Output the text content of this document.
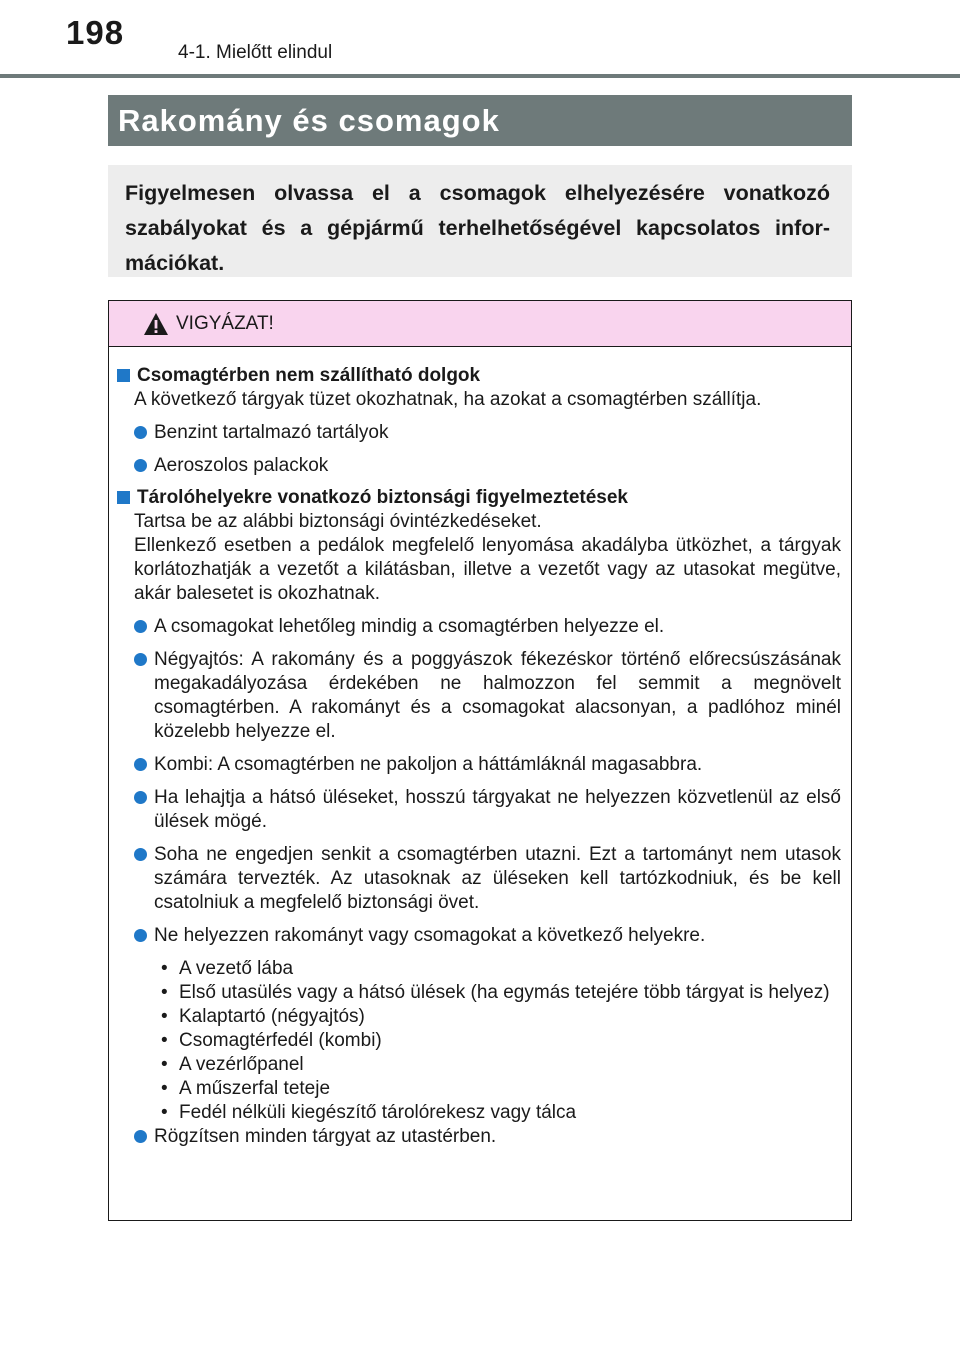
198
4-1. Mielőtt elindul
Rakomány és csomagok

Figyelmesen olvassa el a csomagok elhelyezésére vonatkozó szabályokat és a gépjármű terhelhetőségével kapcsolatos információkat.

VIGYÁZAT!
Csomagtérben nem szállítható dolgok
A következő tárgyak tüzet okozhatnak, ha azokat a csomagtérben szállítja.
Benzint tartalmazó tartályok
Aeroszolos palackok
Tárolóhelyekre vonatkozó biztonsági figyelmeztetések
Tartsa be az alábbi biztonsági óvintézkedéseket.
Ellenkező esetben a pedálok megfelelő lenyomása akadályba ütközhet, a tárgyak korlátozhatják a vezetőt a kilátásban, illetve a vezetőt vagy az utasokat megütve, akár balesetet is okozhatnak.
A csomagokat lehetőleg mindig a csomagtérben helyezze el.
Négyajtós: A rakomány és a poggyászok fékezéskor történő előrecsúszásának megakadályozása érdekében ne halmozzon fel semmit a megnövelt csomagtérben. A rakományt és a csomagokat alacsonyan, a padlóhoz minél közelebb helyezze el.
Kombi: A csomagtérben ne pakoljon a háttámláknál magasabbra.
Ha lehajtja a hátsó üléseket, hosszú tárgyakat ne helyezzen közvetlenül az első ülések mögé.
Soha ne engedjen senkit a csomagtérben utazni. Ezt a tartományt nem utasok számára tervezték. Az utasoknak az üléseken kell tartózkodniuk, és be kell csatolniuk a megfelelő biztonsági övet.
Ne helyezzen rakományt vagy csomagokat a következő helyekre.
• A vezető lába
• Első utasülés vagy a hátsó ülések (ha egymás tetejére több tárgyat is helyez)
• Kalaptartó (négyajtós)
• Csomagtérfedél (kombi)
• A vezérlőpanel
• A műszerfal teteje
• Fedél nélküli kiegészítő tárolórekesz vagy tálca
Rögzítsen minden tárgyat az utastérben.
